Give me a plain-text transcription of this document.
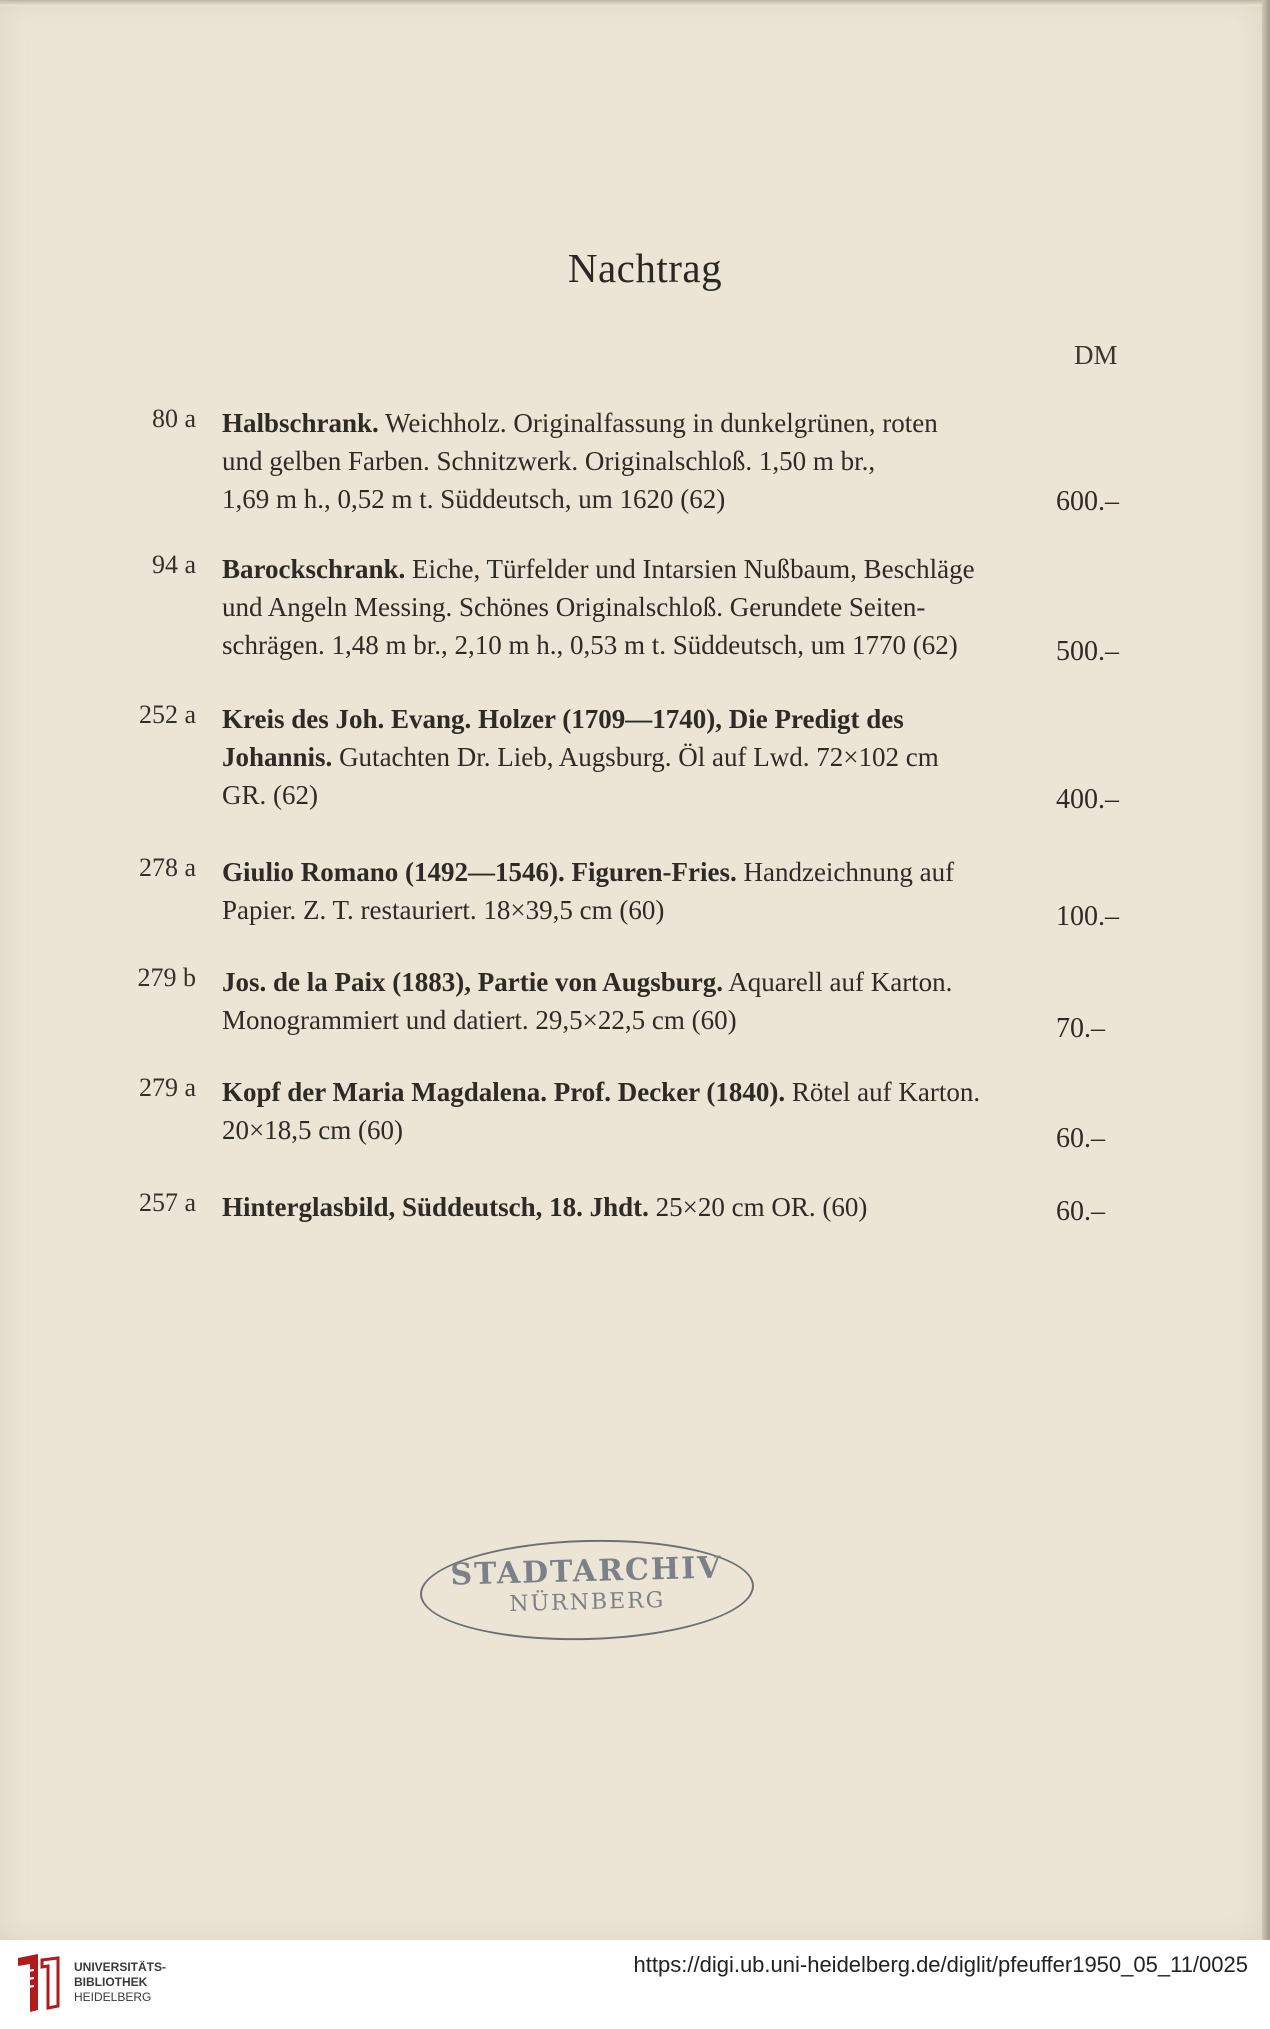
Nachtrag
DM
80 a Halbschrank. Weichholz. Originalfassung in dunkelgrünen, roten
und gelben Farben. Schnitzwerk. Originalschloß. 1,50 m br.,
1,69 m h., 0,52 m t. Süddeutsch, um 1620 (62)	600.–
94 a Barockschrank. Eiche, Türfelder und Intarsien Nußbaum, Beschläge
und Angeln Messing. Schönes Originalschloß. Gerundete Seiten-
schrägen. 1,48 m br., 2,10 m h., 0,53 m t. Süddeutsch, um 1770 (62)	500.–
252 a Kreis des Joh. Evang. Holzer (1709—1740), Die Predigt des
Johannis. Gutachten Dr. Lieb, Augsburg. Öl auf Lwd. 72×102 cm
GR. (62)	400.–
278 a Giulio Romano (1492—1546). Figuren-Fries. Handzeichnung auf
Papier. Z. T. restauriert. 18×39,5 cm (60)	100.–
279 b Jos. de la Paix (1883), Partie von Augsburg. Aquarell auf Karton.
Monogrammiert und datiert. 29,5×22,5 cm (60)	70.–
279 a Kopf der Maria Magdalena. Prof. Decker (1840). Rötel auf Karton.
20×18,5 cm (60)	60.–
257 a Hinterglasbild, Süddeutsch, 18. Jhdt. 25×20 cm OR. (60)	60.–
STADTARCHIV
NÜRNBERG
UNIVERSITÄTS-
BIBLIOTHEK
HEIDELBERG
https://digi.ub.uni-heidelberg.de/diglit/pfeuffer1950_05_11/0025
